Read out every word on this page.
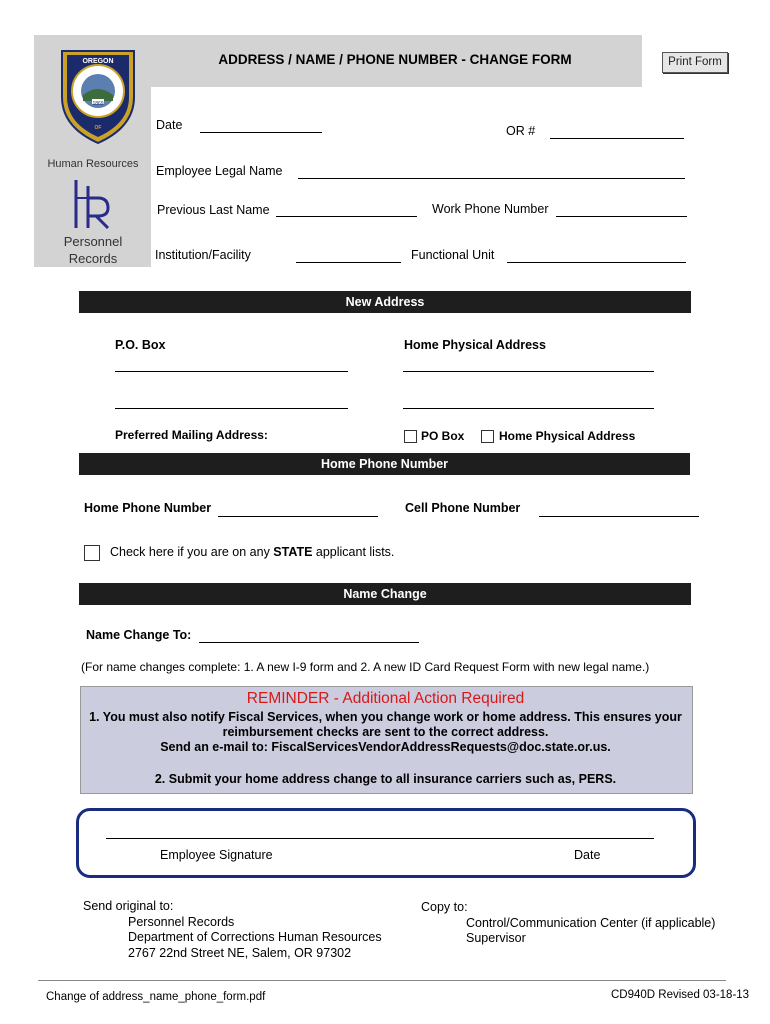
ADDRESS / NAME / PHONE NUMBER - CHANGE FORM	Print Form
OREGON
1869
OF
Human Resources
Personnel
Records
Date	OR #
Employee Legal Name
Previous Last Name	Work Phone Number
Institution/Facility	Functional Unit
New Address
P.O. Box	Home Physical Address
Preferred Mailing Address:	PO Box	Home Physical Address
Home Phone Number
Home Phone Number	Cell Phone Number
Check here if you are on any STATE applicant lists.
Name Change
Name Change To:
(For name changes complete: 1. A new I-9 form and 2. A new ID Card Request Form with new legal name.)
REMINDER - Additional Action Required
1. You must also notify Fiscal Services, when you change work or home address. This ensures your
reimbursement checks are sent to the correct address.
Send an e-mail to: FiscalServicesVendorAddressRequests@doc.state.or.us.
2. Submit your home address change to all insurance carriers such as, PERS.
Employee Signature	Date
Send original to:
Personnel Records
Department of Corrections Human Resources
2767 22nd Street NE, Salem, OR 97302
Copy to:
Control/Communication Center (if applicable)
Supervisor
Change of address_name_phone_form.pdf	CD940D Revised 03-18-13
